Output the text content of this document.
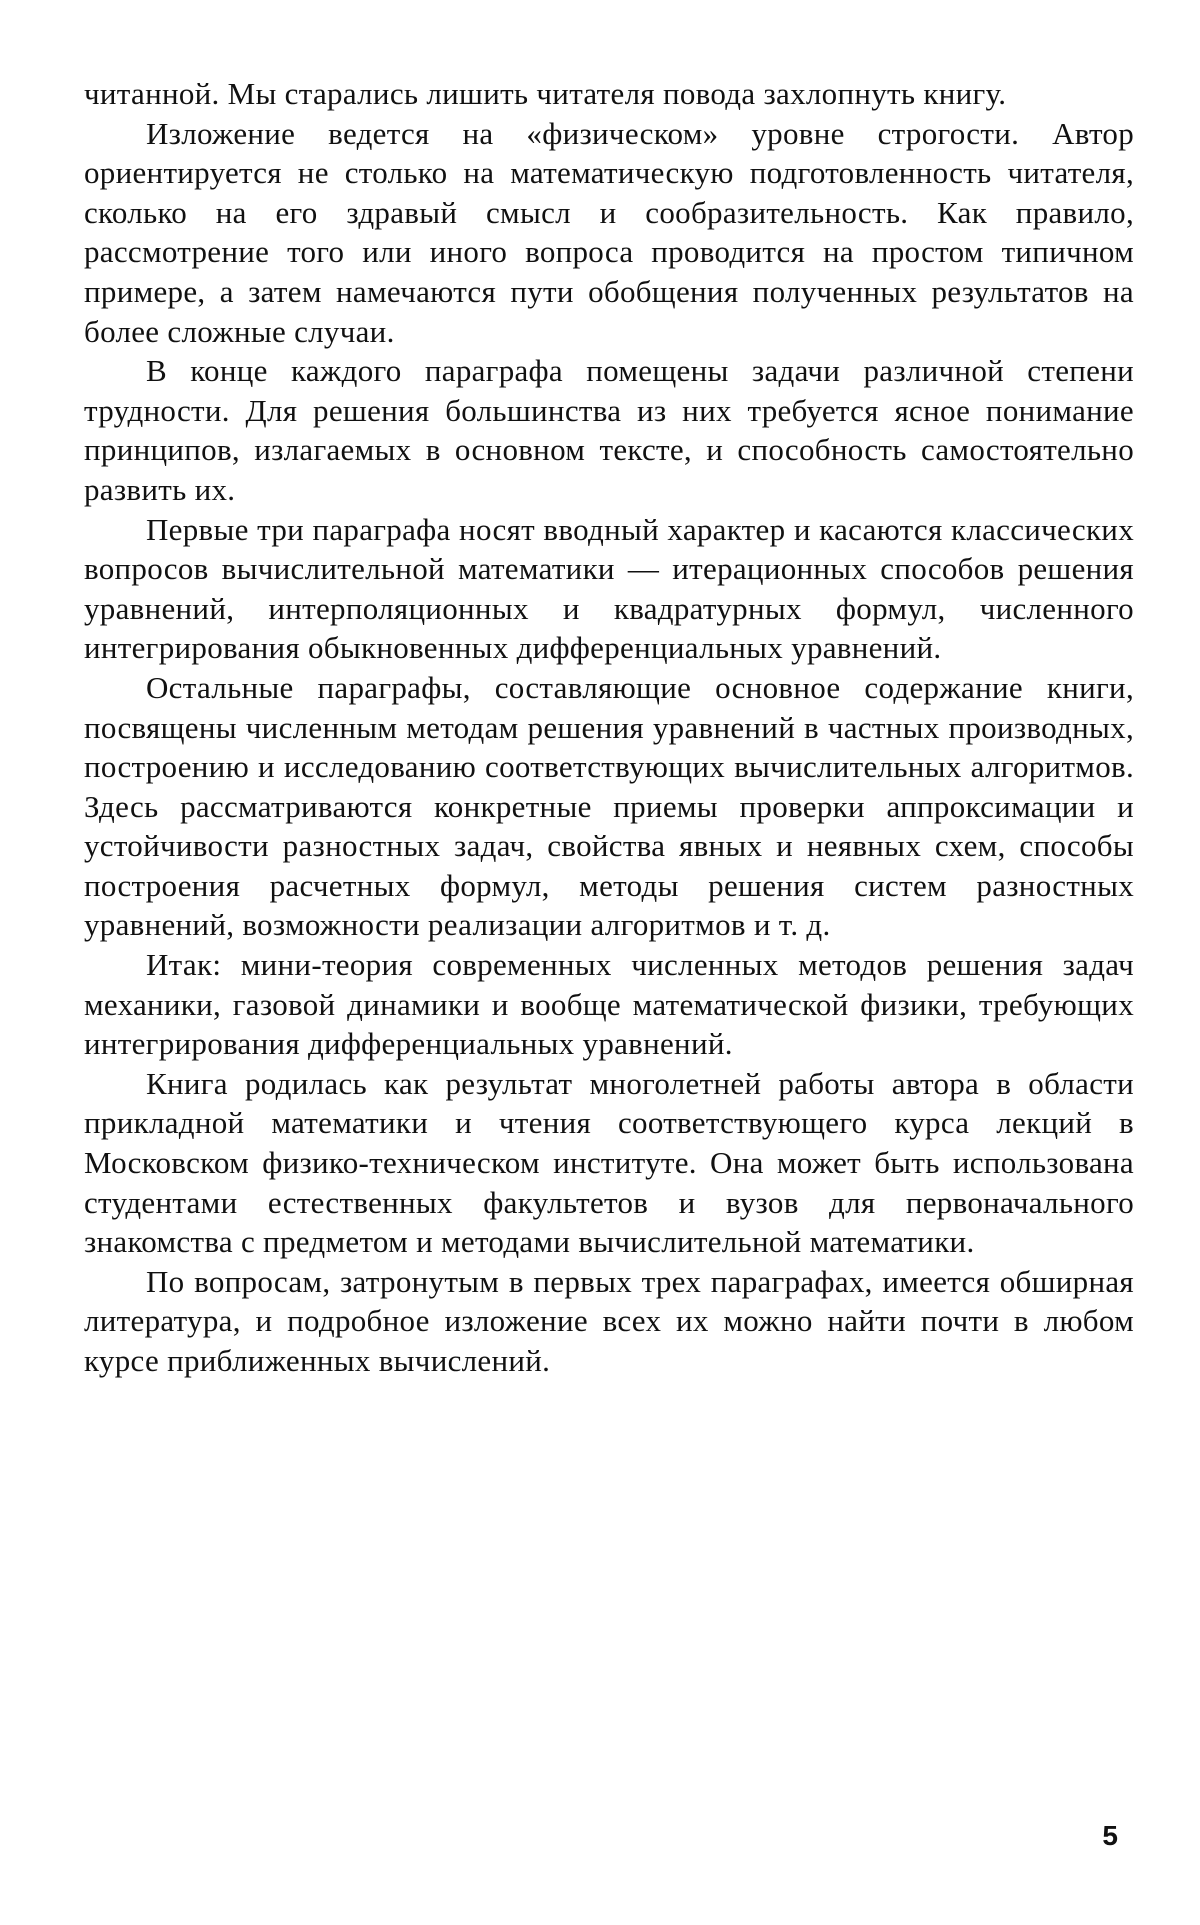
читанной. Мы старались лишить читателя повода захлопнуть книгу.

Изложение ведется на «физическом» уровне строгости. Автор ориентируется не столько на математическую подготовленность читателя, сколько на его здравый смысл и сообразительность. Как правило, рассмотрение того или иного вопроса проводится на простом типичном примере, а затем намечаются пути обобщения полученных результатов на более сложные случаи.

В конце каждого параграфа помещены задачи различной степени трудности. Для решения большинства из них требуется ясное понимание принципов, излагаемых в основном тексте, и способность самостоятельно развить их.

Первые три параграфа носят вводный характер и касаются классических вопросов вычислительной математики — итерационных способов решения уравнений, интерполяционных и квадратурных формул, численного интегрирования обыкновенных дифференциальных уравнений.

Остальные параграфы, составляющие основное содержание книги, посвящены численным методам решения уравнений в частных производных, построению и исследованию соответствующих вычислительных алгоритмов. Здесь рассматриваются конкретные приемы проверки аппроксимации и устойчивости разностных задач, свойства явных и неявных схем, способы построения расчетных формул, методы решения систем разностных уравнений, возможности реализации алгоритмов и т. д.

Итак: мини-теория современных численных методов решения задач механики, газовой динамики и вообще математической физики, требующих интегрирования дифференциальных уравнений.

Книга родилась как результат многолетней работы автора в области прикладной математики и чтения соответствующего курса лекций в Московском физико-техническом институте. Она может быть использована студентами естественных факультетов и вузов для первоначального знакомства с предметом и методами вычислительной математики.

По вопросам, затронутым в первых трех параграфах, имеется обширная литература, и подробное изложение всех их можно найти почти в любом курсе приближенных вычислений.

5
